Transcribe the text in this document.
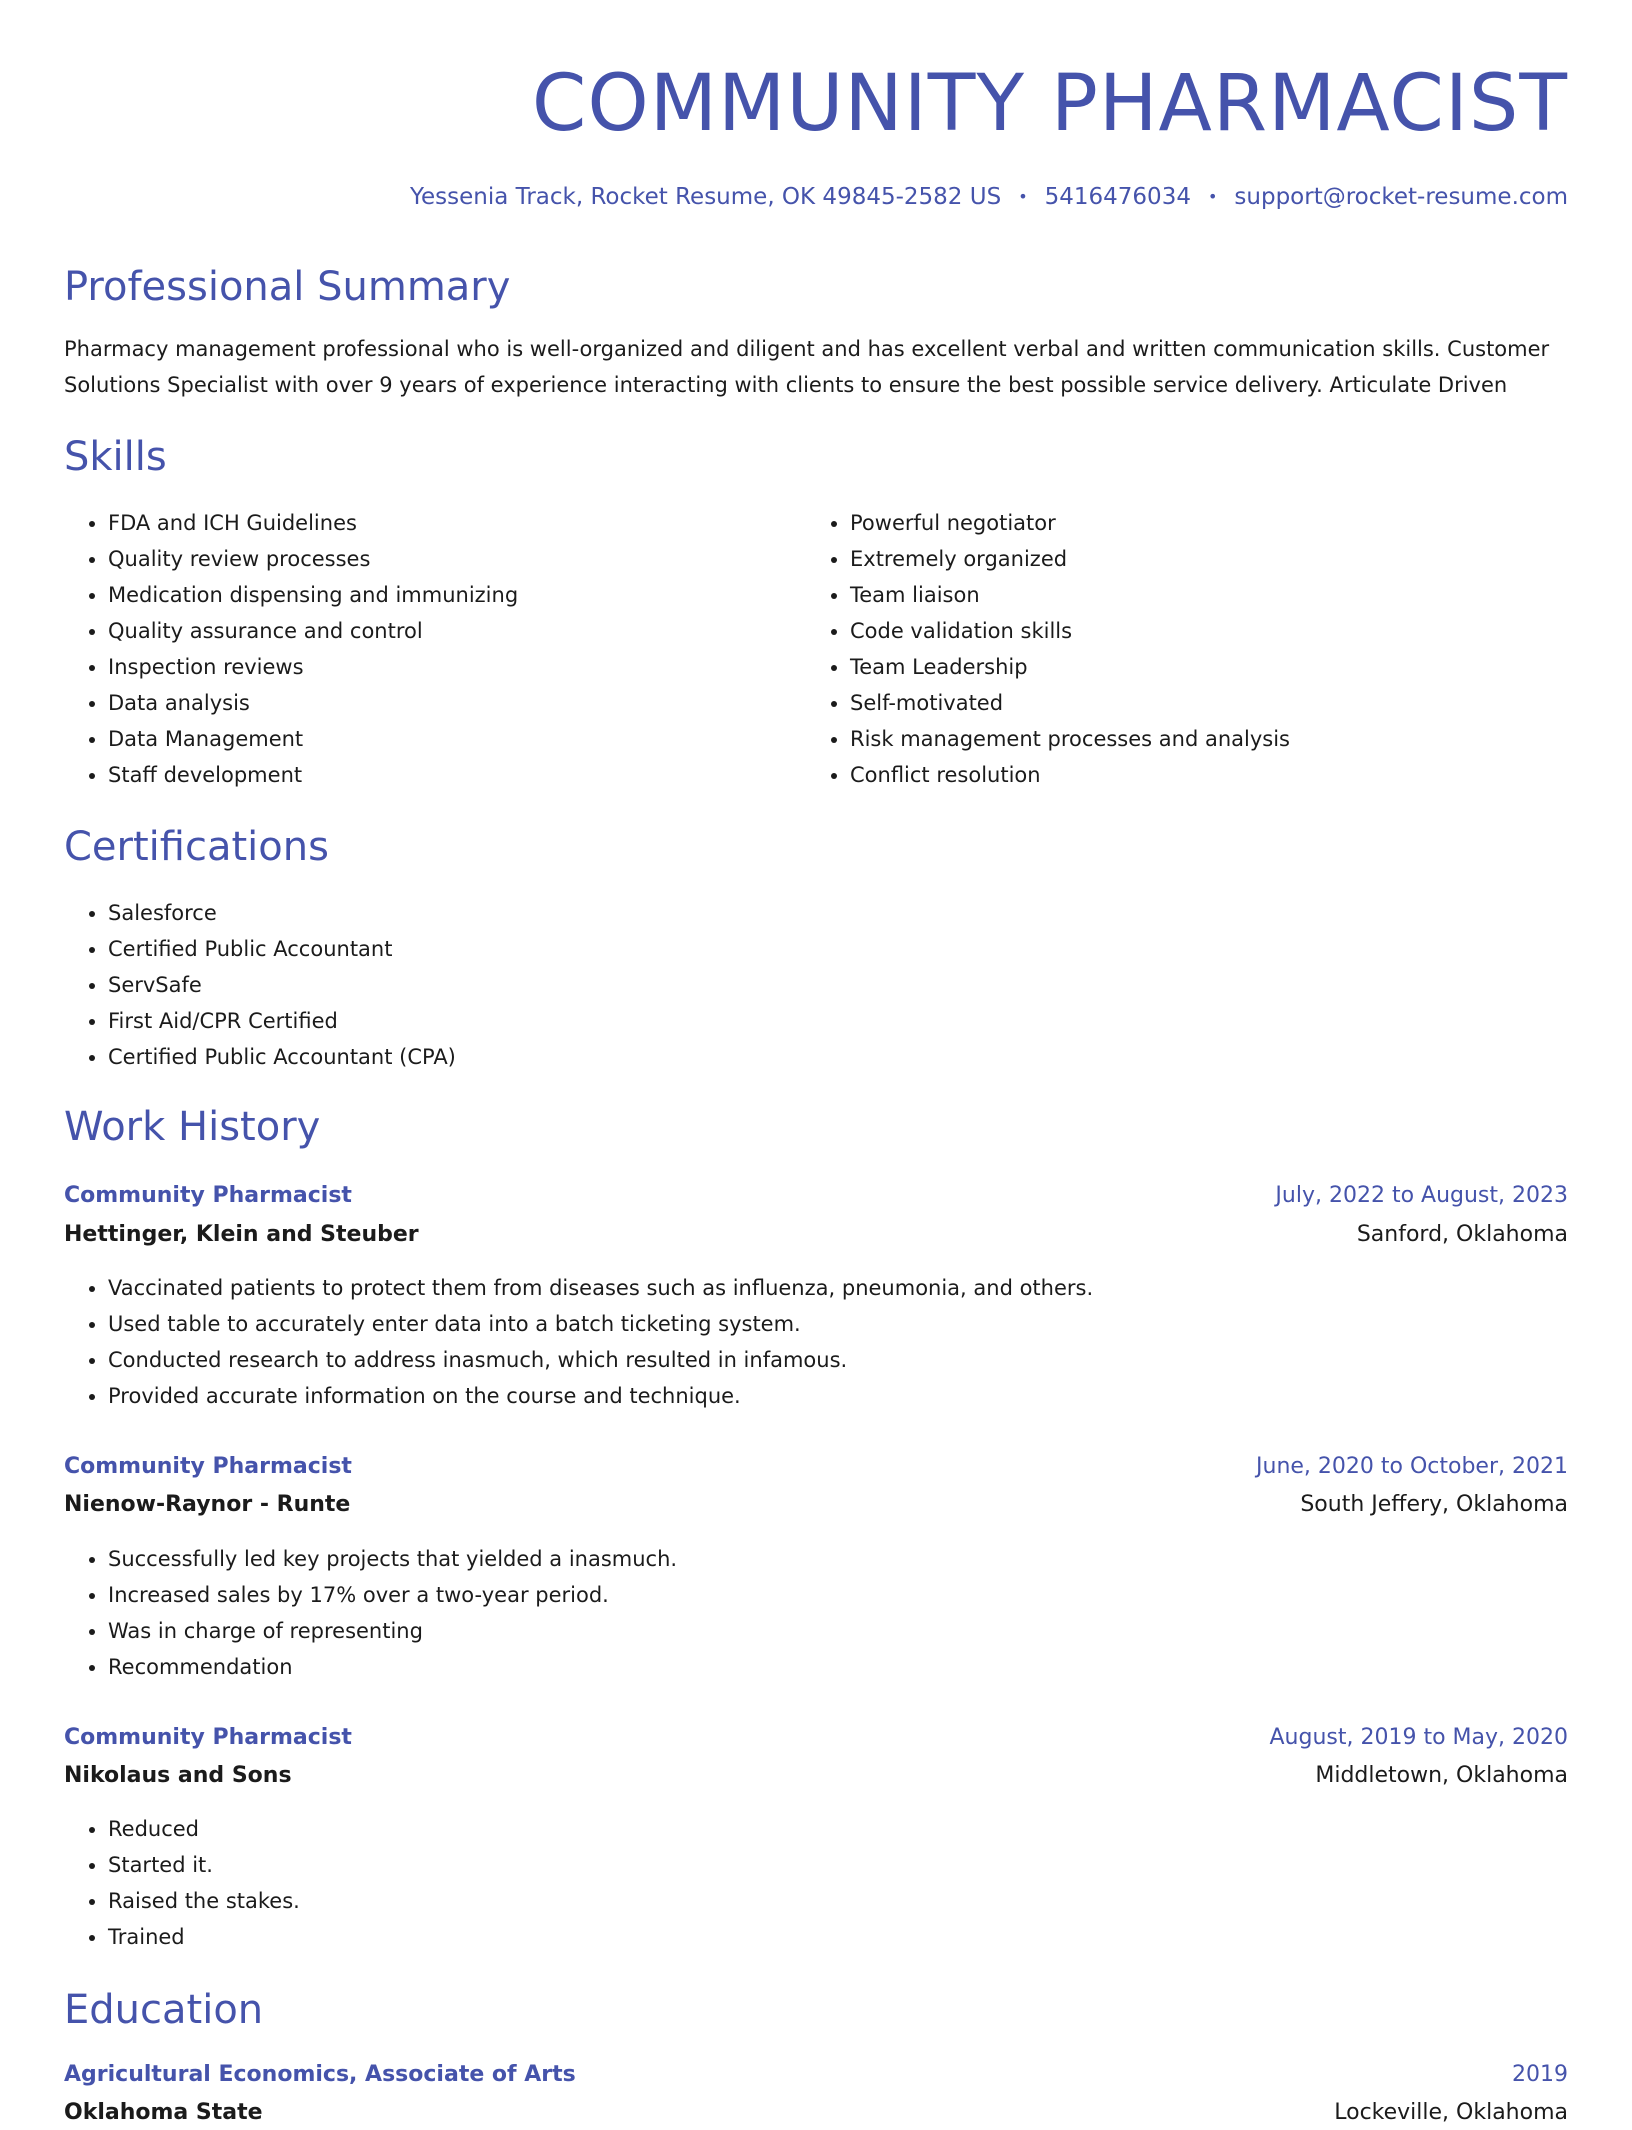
COMMUNITY PHARMACIST
Yessenia Track, Rocket Resume, OK 49845-2582 US • 5416476034 • support@rocket-resume.com
Professional Summary

Pharmacy management professional who is well-organized and diligent and has excellent verbal and written communication skills. Customer Solutions Specialist with over 9 years of experience interacting with clients to ensure the best possible service delivery. Articulate Driven

Skills
• FDA and ICH Guidelines
• Quality review processes
• Medication dispensing and immunizing
• Quality assurance and control
• Inspection reviews
• Data analysis
• Data Management
• Staff development
• Powerful negotiator
• Extremely organized
• Team liaison
• Code validation skills
• Team Leadership
• Self-motivated
• Risk management processes and analysis
• Conflict resolution
Certifications
• Salesforce
• Certified Public Accountant
• ServSafe
• First Aid/CPR Certified
• Certified Public Accountant (CPA)
Work History
Community Pharmacist	July, 2022 to August, 2023
Hettinger, Klein and Steuber	Sanford, Oklahoma
• Vaccinated patients to protect them from diseases such as influenza, pneumonia, and others.
• Used table to accurately enter data into a batch ticketing system.
• Conducted research to address inasmuch, which resulted in infamous.
• Provided accurate information on the course and technique.
Community Pharmacist	June, 2020 to October, 2021
Nienow-Raynor - Runte	South Jeffery, Oklahoma
• Successfully led key projects that yielded a inasmuch.
• Increased sales by 17% over a two-year period.
• Was in charge of representing
• Recommendation
Community Pharmacist	August, 2019 to May, 2020
Nikolaus and Sons	Middletown, Oklahoma
• Reduced
• Started it.
• Raised the stakes.
• Trained
Education
Agricultural Economics, Associate of Arts	2019
Oklahoma State	Lockeville, Oklahoma
